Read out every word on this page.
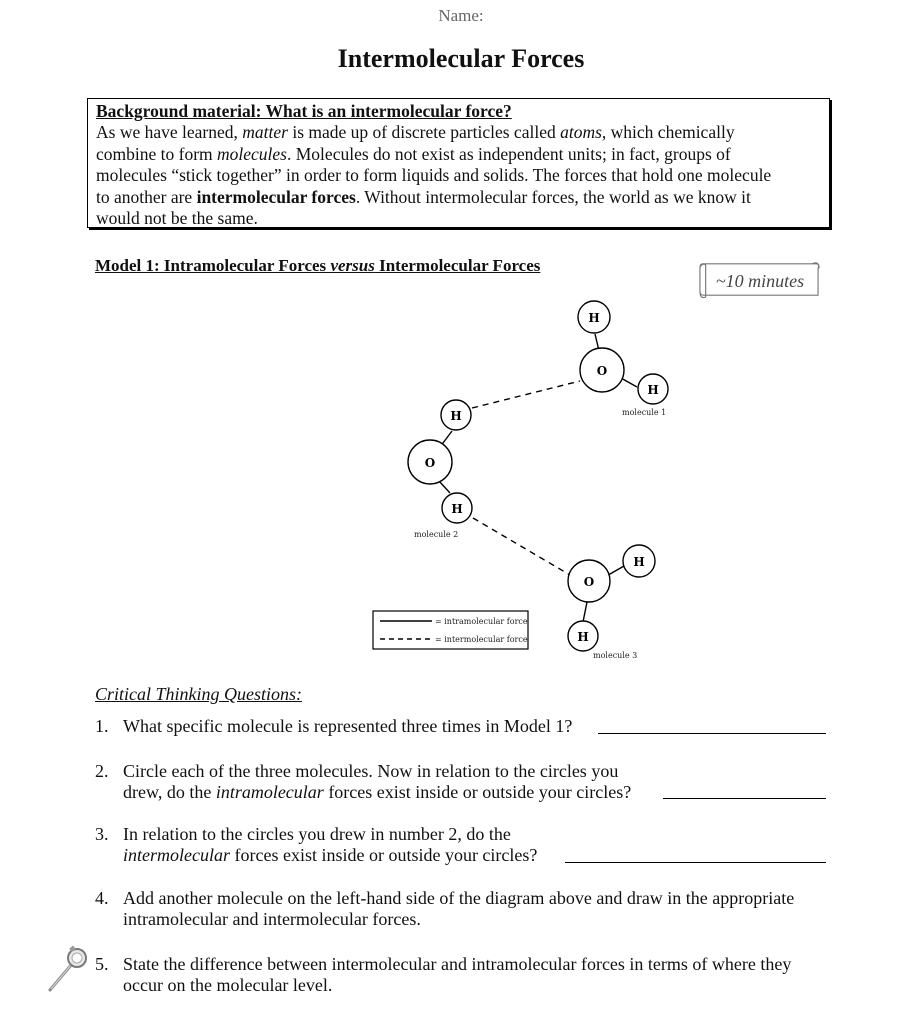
Name:
Intermolecular Forces
Background material: What is an intermolecular force?
As we have learned, matter is made up of discrete particles called atoms, which chemically
combine to form molecules. Molecules do not exist as independent units; in fact, groups of
molecules “stick together” in order to form liquids and solids. The forces that hold one molecule
to another are intermolecular forces. Without intermolecular forces, the world as we know it
would not be the same.
Model 1: Intramolecular Forces versus Intermolecular Forces
~10 minutes
H
O
H
molecule 1
H
O
H
molecule 2
H
O
H
molecule 3
= intramolecular force
= intermolecular force
Critical Thinking Questions:
1. What specific molecule is represented three times in Model 1?
2. Circle each of the three molecules. Now in relation to the circles you
drew, do the intramolecular forces exist inside or outside your circles?
3. In relation to the circles you drew in number 2, do the
intermolecular forces exist inside or outside your circles?
4. Add another molecule on the left-hand side of the diagram above and draw in the appropriate
intramolecular and intermolecular forces.
5. State the difference between intermolecular and intramolecular forces in terms of where they
occur on the molecular level.
